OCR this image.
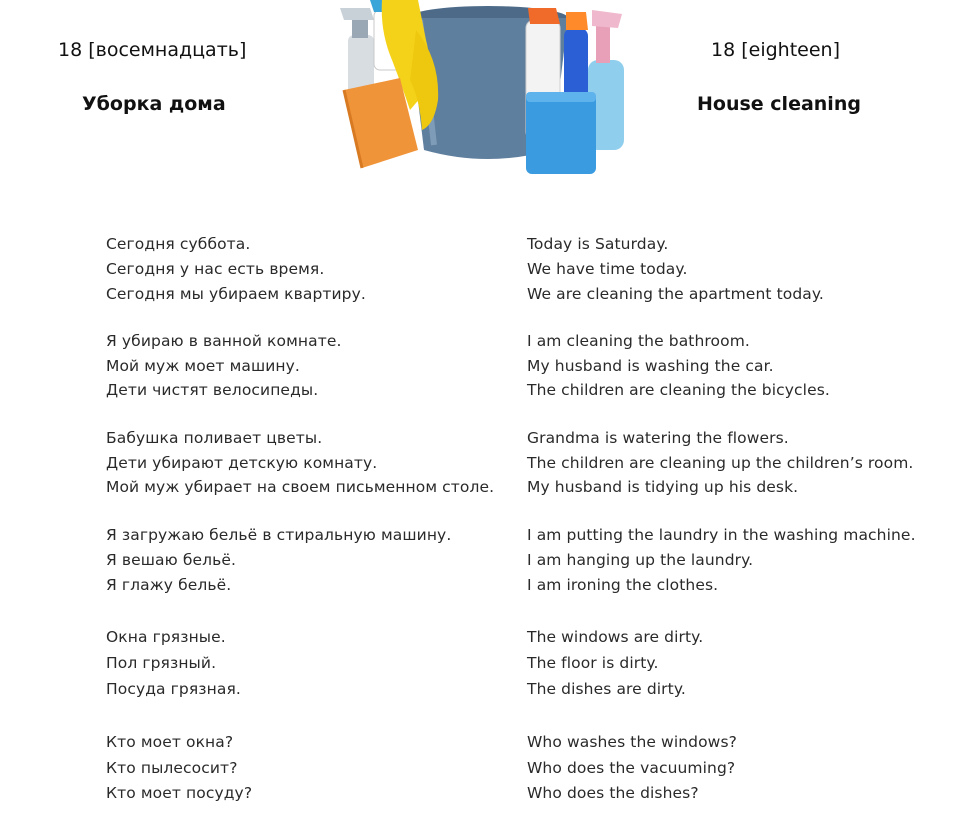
18 [восемнадцать]
Уборка дома
18 [eighteen]
House cleaning
Сегодня суббота.
Сегодня у нас есть время.
Сегодня мы убираем квартиру.
Я убираю в ванной комнате.
Мой муж моет машину.
Дети чистят велосипеды.
Бабушка поливает цветы.
Дети убирают детскую комнату.
Мой муж убирает на своем письменном столе.
Я загружаю бельё в стиральную машину.
Я вешаю бельё.
Я глажу бельё.
Окна грязные.
Пол грязный.
Посуда грязная.
Кто моет окна?
Кто пылесосит?
Кто моет посуду?
Today is Saturday.
We have time today.
We are cleaning the apartment today.
I am cleaning the bathroom.
My husband is washing the car.
The children are cleaning the bicycles.
Grandma is watering the flowers.
The children are cleaning up the children’s room.
My husband is tidying up his desk.
I am putting the laundry in the washing machine.
I am hanging up the laundry.
I am ironing the clothes.
The windows are dirty.
The floor is dirty.
The dishes are dirty.
Who washes the windows?
Who does the vacuuming?
Who does the dishes?
